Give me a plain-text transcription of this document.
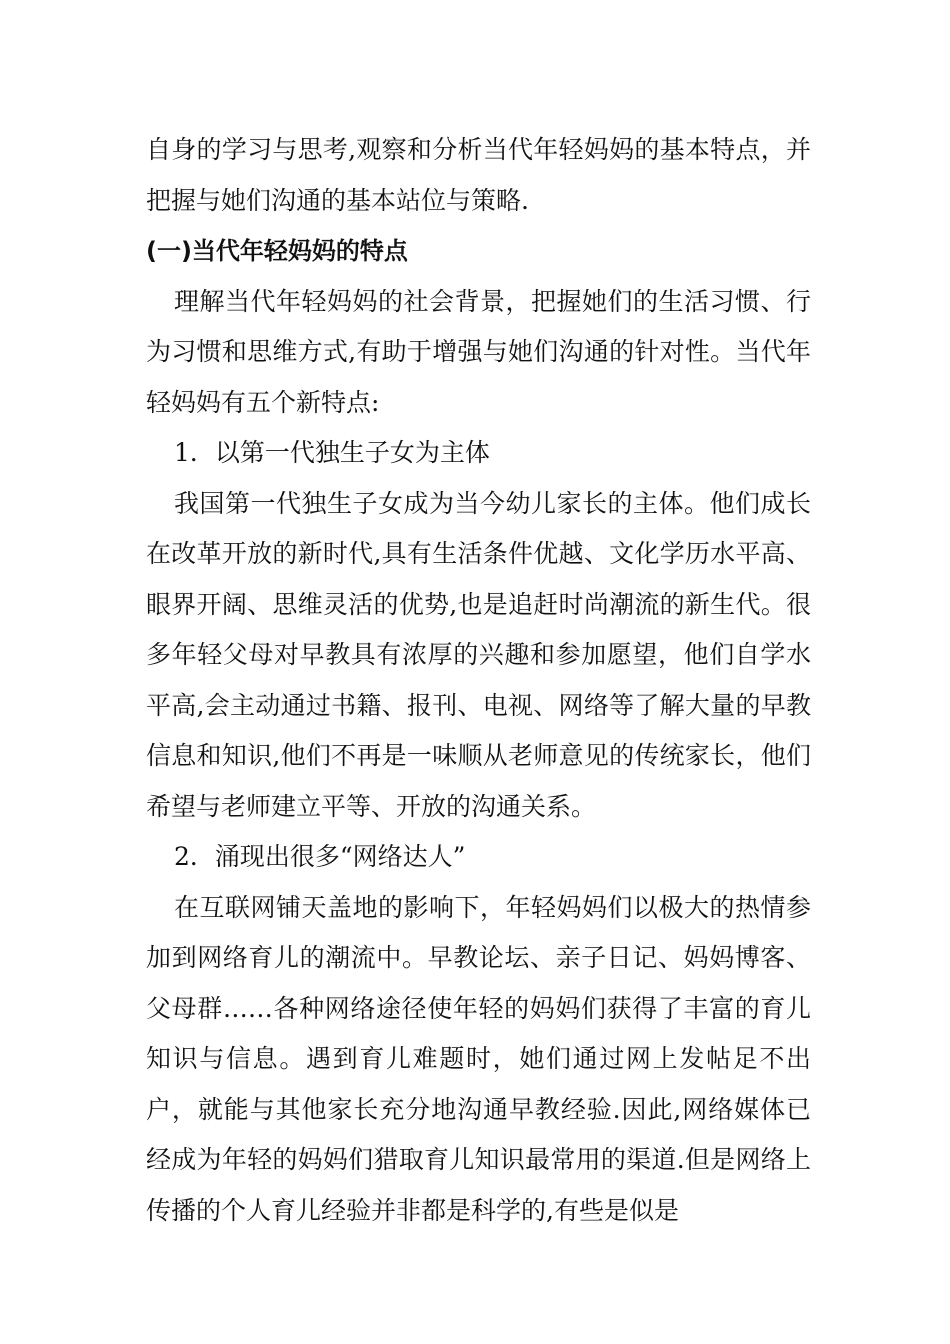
自身的学习与思考,观察和分析当代年轻妈妈的基本特点，并把握与她们沟通的基本站位与策略.

(一)当代年轻妈妈的特点

理解当代年轻妈妈的社会背景，把握她们的生活习惯、行为习惯和思维方式,有助于增强与她们沟通的针对性。当代年轻妈妈有五个新特点:

1．以第一代独生子女为主体

我国第一代独生子女成为当今幼儿家长的主体。他们成长在改革开放的新时代,具有生活条件优越、文化学历水平高、眼界开阔、思维灵活的优势,也是追赶时尚潮流的新生代。很多年轻父母对早教具有浓厚的兴趣和参加愿望，他们自学水平高,会主动通过书籍、报刊、电视、网络等了解大量的早教信息和知识,他们不再是一味顺从老师意见的传统家长，他们希望与老师建立平等、开放的沟通关系。

2．涌现出很多“网络达人”

在互联网铺天盖地的影响下，年轻妈妈们以极大的热情参加到网络育儿的潮流中。早教论坛、亲子日记、妈妈博客、父母群……各种网络途径使年轻的妈妈们获得了丰富的育儿知识与信息。遇到育儿难题时，她们通过网上发帖足不出户，就能与其他家长充分地沟通早教经验.因此,网络媒体已经成为年轻的妈妈们猎取育儿知识最常用的渠道.但是网络上传播的个人育儿经验并非都是科学的,有些是似是
